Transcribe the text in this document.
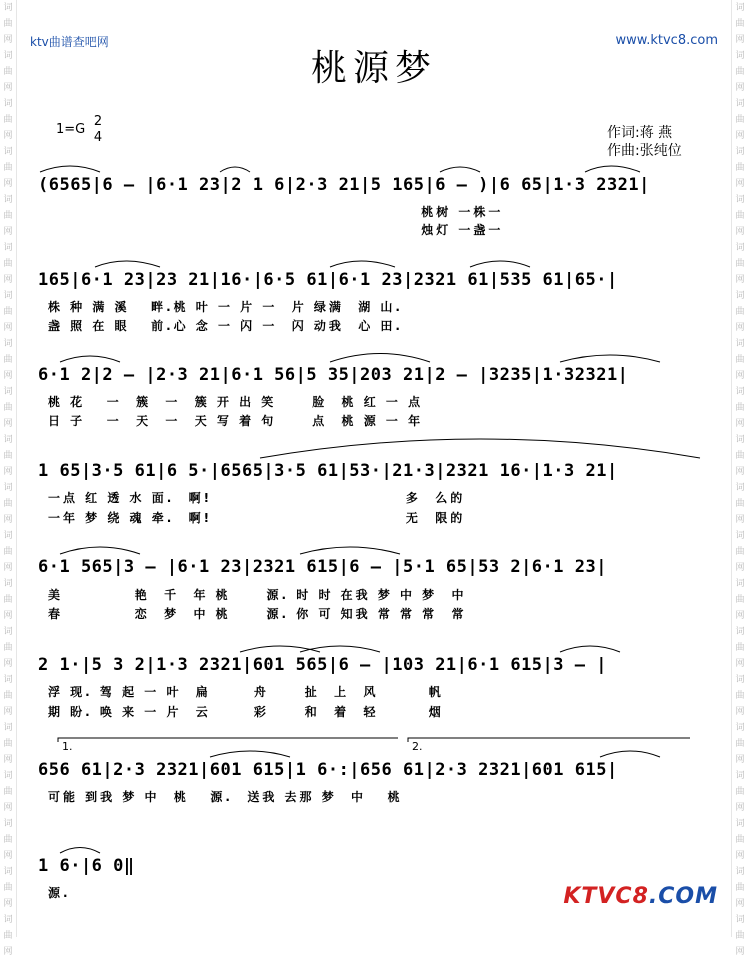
词
曲
网
词
曲
网
词
曲
网
词
曲
网
词
曲
网
词
曲
网
词
曲
网
词
曲
网
词
曲
网
词
曲
网
词
曲
网
词
曲
网
词
曲
网
词
曲
网
词
曲
网
词
曲
网
词
曲
网
词
曲
网
词
曲
网
词
曲
网
词
曲
网
词
曲
网
词
曲
网
词
曲
网
词
曲
网
词
曲
网
词
曲
网
词
曲
网
词
曲
网
词
曲
网
词
曲
网
词
曲
网
词
曲
网
词
曲
网
词
曲
网
词
曲
网
词
曲
网
词
曲
网
词
曲
网
词
曲
网
ktv曲谱查吧网	www.ktvc8.com
桃源梦
1=G
2
4	作词:蒋 燕
作曲:张纯位
(6565|6 – |6·1 23|2 1 6|2·3 21|5 165|6 – )|6 65|1·3 2321|
桃树 一株一
烛灯 一盏一
165|6·1 23|23 21|16·|6·5 61|6·1 23|2321 61|535 61|65·|
株 种 满 溪   畔.桃 叶 一 片 一  片 绿满  湖 山.
盏 照 在 眼   前.心 念 一 闪 一  闪 动我  心 田.
6·1 2|2 – |2·3 21|6·1 56|5 35|203 21|2 – |3235|1·32321|
桃 花   一  簇  一  簇 开 出 笑     脸  桃 红 一 点
日 子   一  天  一  天 写 着 句     点  桃 源 一 年
1 65|3·5 61|6 5·|6565|3·5 61|53·|21·3|2321 16·|1·3 21|
一点 红 透 水 面.  啊!                           多  么的
一年 梦 绕 魂 牵.  啊!                           无  限的
6·1 565|3 – |6·1 23|2321 615|6 – |5·1 65|53 2|6·1 23|
美          艳  千  年 桃     源. 时 时 在我 梦 中 梦  中
春          恋  梦  中 桃     源. 你 可 知我 常 常 常  常
2 1·|5 3 2|1·3 2321|601 565|6 – |103 21|6·1 615|3 – |
浮 现. 驾 起 一 叶  扁      舟     扯  上  风       帆
期 盼. 唤 来 一 片  云      彩     和  着  轻       烟
1.	2.
656 61|2·3 2321|601 615|1 6·:|656 61|2·3 2321|601 615|
可能 到我 梦 中  桃   源.  送我 去那 梦  中   桃
1 6·|6 0‖
源.	KTVC8.COM
